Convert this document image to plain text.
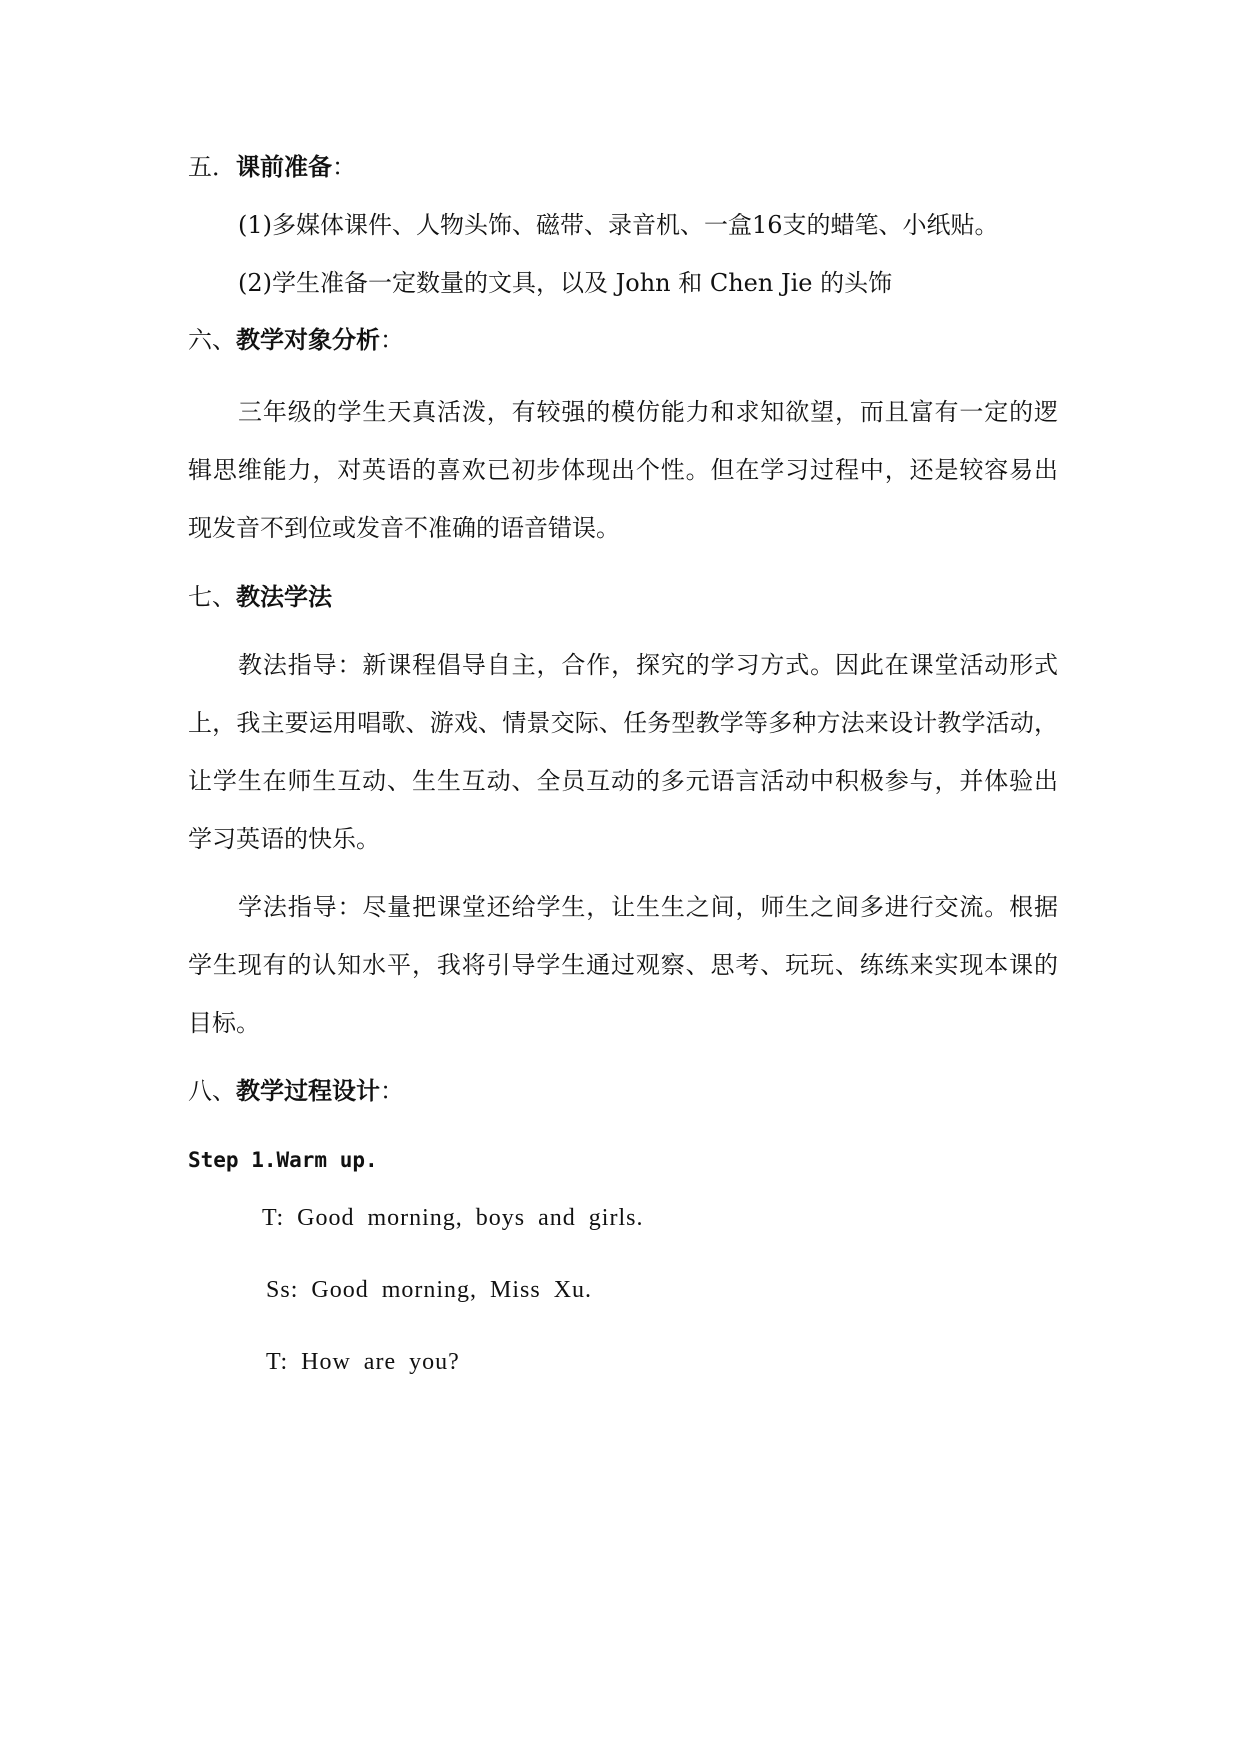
五．课前准备：
(1)多媒体课件、人物头饰、磁带、录音机、一盒16支的蜡笔、小纸贴。
(2)学生准备一定数量的文具，以及 John 和 Chen Jie 的头饰
六、教学对象分析：
三年级的学生天真活泼，有较强的模仿能力和求知欲望，而且富有一定的逻
辑思维能力，对英语的喜欢已初步体现出个性。但在学习过程中，还是较容易出
现发音不到位或发音不准确的语音错误。
七、教法学法
教法指导：新课程倡导自主，合作，探究的学习方式。因此在课堂活动形式
上，我主要运用唱歌、游戏、情景交际、任务型教学等多种方法来设计教学活动，
让学生在师生互动、生生互动、全员互动的多元语言活动中积极参与，并体验出
学习英语的快乐。
学法指导：尽量把课堂还给学生，让生生之间，师生之间多进行交流。根据
学生现有的认知水平，我将引导学生通过观察、思考、玩玩、练练来实现本课的
目标。
八、教学过程设计：
Step 1.Warm up.
T: Good morning, boys and girls.
Ss: Good morning, Miss Xu.
T: How are you?
